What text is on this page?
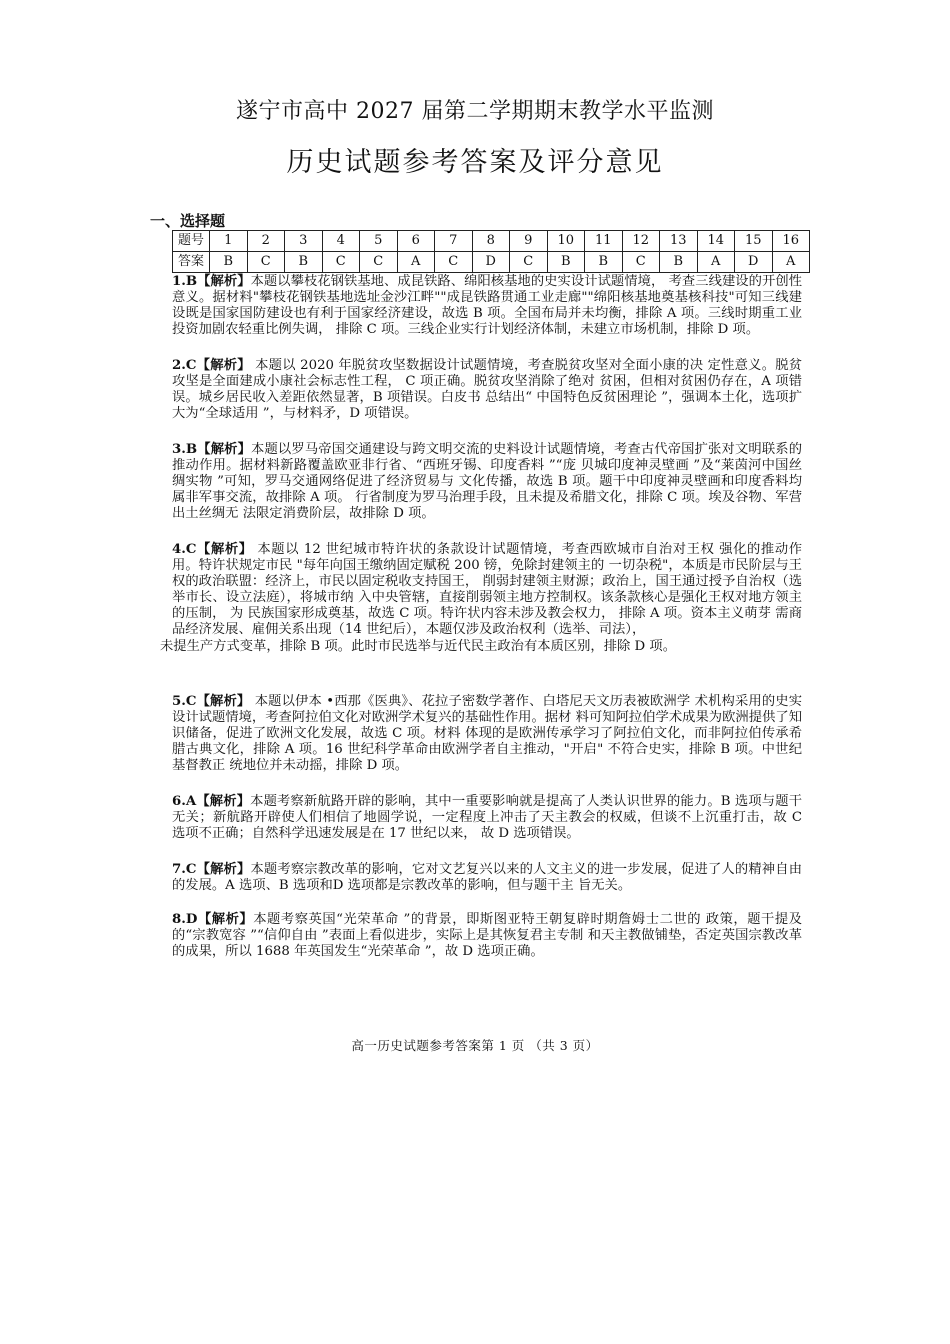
遂宁市高中 2027 届第二学期期末教学水平监测
历史试题参考答案及评分意见
一、选择题
题号	1	2	3	4	5	6	7	8	9	10	11	12	13	14	15	16
答案	B	C	B	C	C	A	C	D	C	B	B	C	B	A	D	A
1.B【解析】本题以攀枝花钢铁基地、成昆铁路、绵阳核基地的史实设计试题情境， 考查三线建设的开创性意义。据材料"攀枝花钢铁基地选址金沙江畔""成昆铁路贯通工业走廊""绵阳核基地奠基核科技"可知三线建设既是国家国防建设也有利于国家经济建设，故选 B 项。全国布局并未均衡，排除 A 项。三线时期重工业投资加剧农轻重比例失调， 排除 C 项。三线企业实行计划经济体制，未建立市场机制，排除 D 项。
2.C【解析】 本题以 2020 年脱贫攻坚数据设计试题情境，考查脱贫攻坚对全面小康的决 定性意义。脱贫攻坚是全面建成小康社会标志性工程， C 项正确。脱贫攻坚消除了绝对 贫困，但相对贫困仍存在，A 项错误。城乡居民收入差距依然显著，B 项错误。白皮书 总结出“ 中国特色反贫困理论 ”，强调本土化，选项扩大为“全球适用 ”，与材料矛，D 项错误。
3.B【解析】本题以罗马帝国交通建设与跨文明交流的史料设计试题情境，考查古代帝国扩张对文明联系的推动作用。据材料新路覆盖欧亚非行省、“西班牙锡、印度香料 ”“庞 贝城印度神灵壁画 ”及“莱茵河中国丝绸实物 ”可知，罗马交通网络促进了经济贸易与 文化传播，故选 B 项。题干中印度神灵壁画和印度香料均属非军事交流，故排除 A 项。 行省制度为罗马治理手段，且未提及希腊文化，排除 C 项。埃及谷物、军营出土丝绸无 法限定消费阶层，故排除 D 项。
4.C【解析】 本题以 12 世纪城市特许状的条款设计试题情境，考查西欧城市自治对王权 强化的推动作用。特许状规定市民 "每年向国王缴纳固定赋税 200 镑，免除封建领主的 一切杂税"，本质是市民阶层与王权的政治联盟：经济上，市民以固定税收支持国王， 削弱封建领主财源；政治上，国王通过授予自治权（选举市长、设立法庭），将城市纳 入中央管辖，直接削弱领主地方控制权。该条款核心是强化王权对地方领主的压制， 为 民族国家形成奠基，故选 C 项。特许状内容未涉及教会权力， 排除 A 项。资本主义萌芽 需商品经济发展、雇佣关系出现（14 世纪后），本题仅涉及政治权利（选举、司法），
未提生产方式变革，排除 B 项。此时市民选举与近代民主政治有本质区别，排除 D 项。
5.C【解析】 本题以伊本 •西那《医典》、花拉子密数学著作、白塔尼天文历表被欧洲学 术机构采用的史实设计试题情境，考查阿拉伯文化对欧洲学术复兴的基础性作用。据材 料可知阿拉伯学术成果为欧洲提供了知识储备，促进了欧洲文化发展，故选 C 项。材料 体现的是欧洲传承学习了阿拉伯文化，而非阿拉伯传承希腊古典文化，排除 A 项。16 世纪科学革命由欧洲学者自主推动，"开启" 不符合史实，排除 B 项。中世纪基督教正 统地位并未动摇，排除 D 项。
6.A【解析】本题考察新航路开辟的影响，其中一重要影响就是提高了人类认识世界的能力。B 选项与题干无关；新航路开辟使人们相信了地圆学说，一定程度上冲击了天主教会的权威，但谈不上沉重打击，故 C 选项不正确；自然科学迅速发展是在 17 世纪以来， 故 D 选项错误。
7.C【解析】本题考察宗教改革的影响，它对文艺复兴以来的人文主义的进一步发展，促进了人的精神自由的发展。A 选项、B 选项和D 选项都是宗教改革的影响，但与题干主 旨无关。
8.D【解析】本题考察英国“光荣革命 ”的背景，即斯图亚特王朝复辟时期詹姆士二世的 政策，题干提及的“宗教宽容 ”“信仰自由 ”表面上看似进步，实际上是其恢复君主专制 和天主教做铺垫，否定英国宗教改革的成果，所以 1688 年英国发生“光荣革命 ”，故 D 选项正确。
高一历史试题参考答案第 1 页 （共 3 页）
